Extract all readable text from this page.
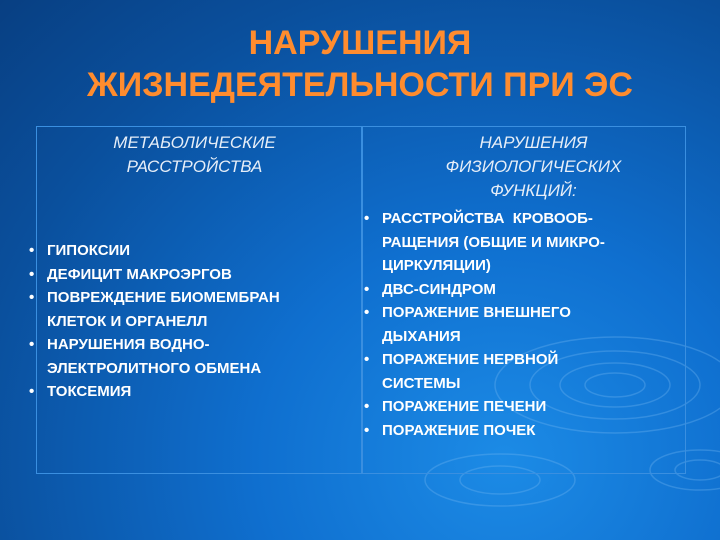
НАРУШЕНИЯ
ЖИЗНЕДЕЯТЕЛЬНОСТИ ПРИ ЭС
МЕТАБОЛИЧЕСКИЕ
РАССТРОЙСТВА
• ГИПОКСИИ
• ДЕФИЦИТ МАКРОЭРГОВ
• ПОВРЕЖДЕНИЕ БИОМЕМБРАН
КЛЕТОК И ОРГАНЕЛЛ
• НАРУШЕНИЯ ВОДНО-
ЭЛЕКТРОЛИТНОГО ОБМЕНА
• ТОКСЕМИЯ
НАРУШЕНИЯ
ФИЗИОЛОГИЧЕСКИХ
ФУНКЦИЙ:
• РАССТРОЙСТВА  КРОВООБ-
РАЩЕНИЯ (ОБЩИЕ И МИКРО-
ЦИРКУЛЯЦИИ)
• ДВС-СИНДРОМ
• ПОРАЖЕНИЕ ВНЕШНЕГО
ДЫХАНИЯ
• ПОРАЖЕНИЕ НЕРВНОЙ
СИСТЕМЫ
• ПОРАЖЕНИЕ ПЕЧЕНИ
• ПОРАЖЕНИЕ ПОЧЕК
